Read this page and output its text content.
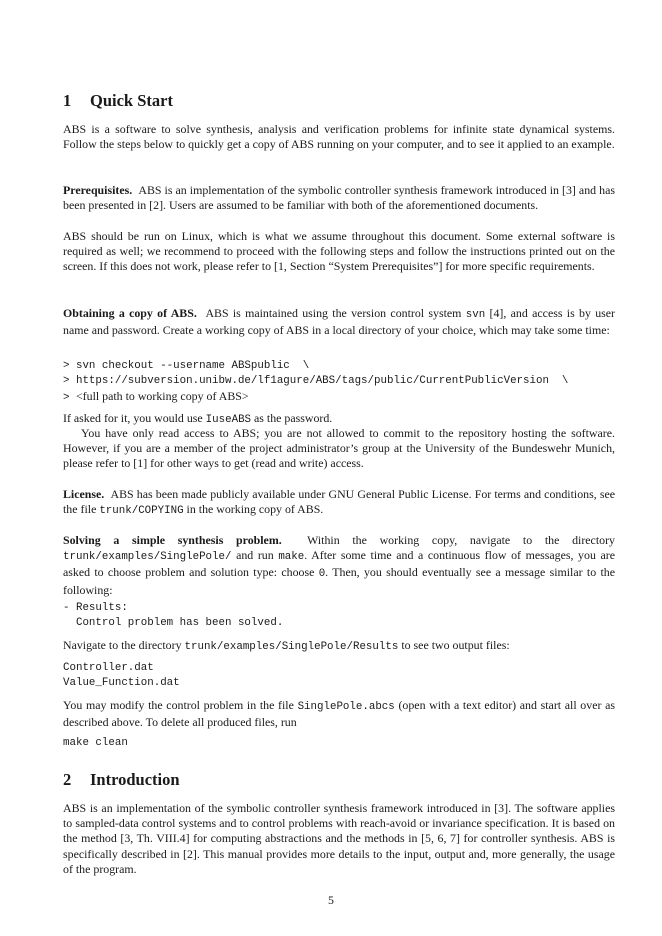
1 Quick Start
ABS is a software to solve synthesis, analysis and verification problems for infinite state dynamical systems. Follow the steps below to quickly get a copy of ABS running on your computer, and to see it applied to an example.
Prerequisites. ABS is an implementation of the symbolic controller synthesis framework introduced in [3] and has been presented in [2]. Users are assumed to be familiar with both of the aforementioned documents.
ABS should be run on Linux, which is what we assume throughout this document. Some external software is required as well; we recommend to proceed with the following steps and follow the instructions printed out on the screen. If this does not work, please refer to [1, Section “System Prerequisites”] for more specific requirements.
Obtaining a copy of ABS. ABS is maintained using the version control system svn [4], and access is by user name and password. Create a working copy of ABS in a local directory of your choice, which may take some time:
> svn checkout --username ABSpublic  \
> https://subversion.unibw.de/lf1agure/ABS/tags/public/CurrentPublicVersion  \
> <full path to working copy of ABS>
If asked for it, you would use IuseABS as the password.
You have only read access to ABS; you are not allowed to commit to the repository hosting the software. However, if you are a member of the project administrator’s group at the University of the Bundeswehr Munich, please refer to [1] for other ways to get (read and write) access.
License. ABS has been made publicly available under GNU General Public License. For terms and conditions, see the file trunk/COPYING in the working copy of ABS.
Solving a simple synthesis problem. Within the working copy, navigate to the directory trunk/examples/SinglePole/ and run make. After some time and a continuous flow of messages, you are asked to choose problem and solution type: choose 0. Then, you should eventually see a message similar to the following:
- Results:
Control problem has been solved.
Navigate to the directory trunk/examples/SinglePole/Results to see two output files:
Controller.dat
Value_Function.dat
You may modify the control problem in the file SinglePole.abcs (open with a text editor) and start all over as described above. To delete all produced files, run
make clean
2 Introduction
ABS is an implementation of the symbolic controller synthesis framework introduced in [3]. The software applies to sampled-data control systems and to control problems with reach-avoid or invariance specification. It is based on the method [3, Th. VIII.4] for computing abstractions and the methods in [5, 6, 7] for controller synthesis. ABS is specifically described in [2]. This manual provides more details to the input, output and, more generally, the usage of the program.
5
